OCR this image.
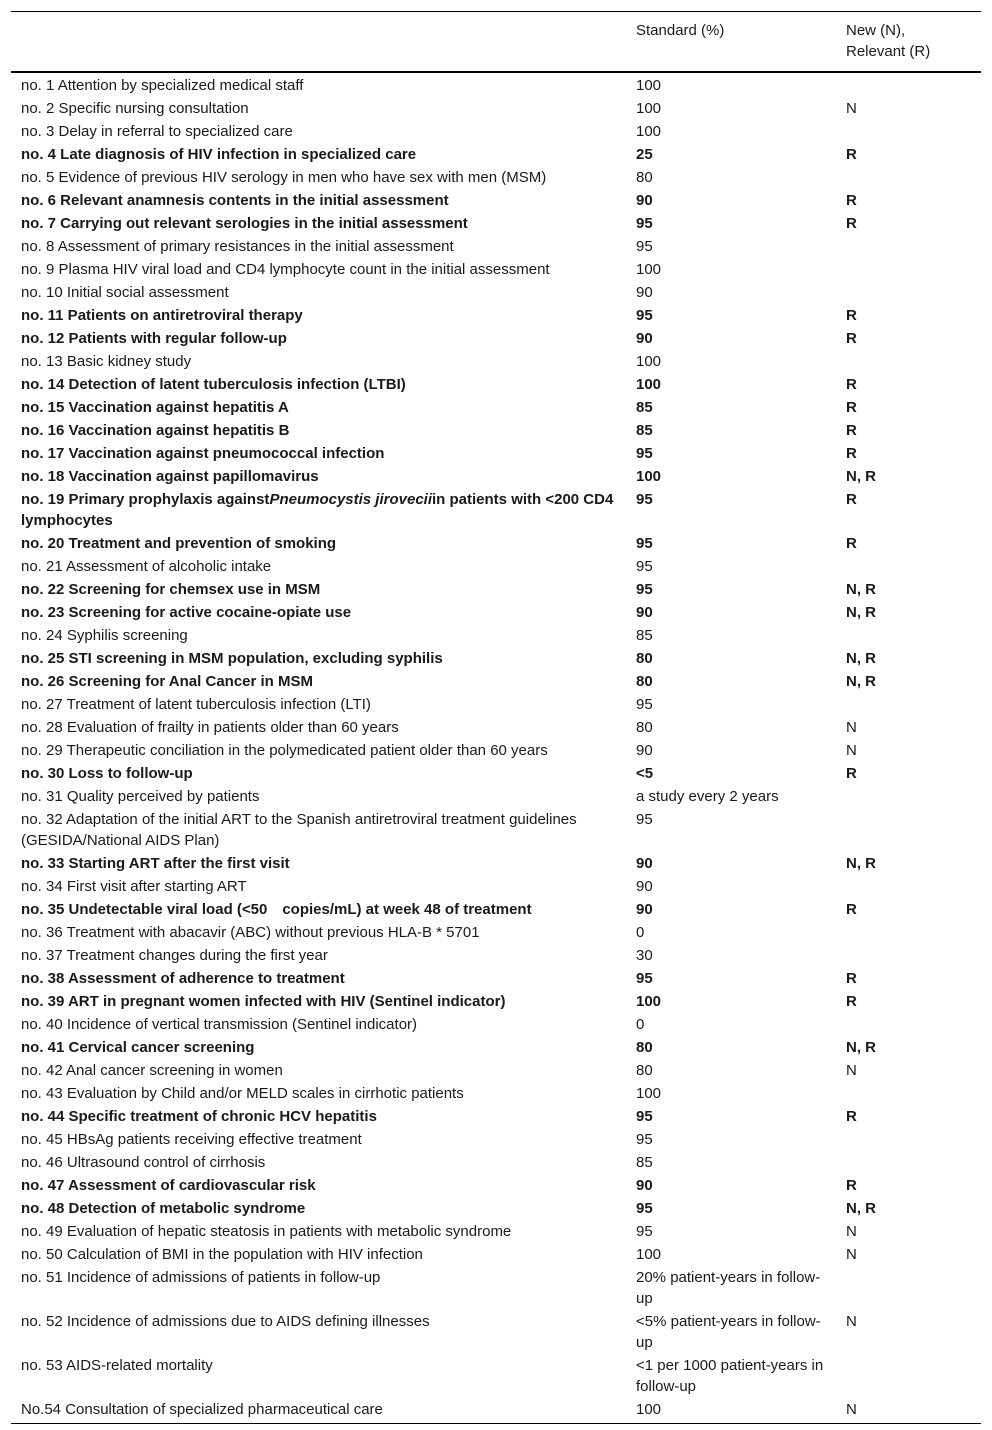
	Standard (%)	New (N),
Relevant (R)

no. 1 Attention by specialized medical staff	100	
no. 2 Specific nursing consultation	100	N
no. 3 Delay in referral to specialized care	100	
no. 4 Late diagnosis of HIV infection in specialized care	25	R
no. 5 Evidence of previous HIV serology in men who have sex with men (MSM)	80	
no. 6 Relevant anamnesis contents in the initial assessment	90	R
no. 7 Carrying out relevant serologies in the initial assessment	95	R
no. 8 Assessment of primary resistances in the initial assessment	95	
no. 9 Plasma HIV viral load and CD4 lymphocyte count in the initial assessment	100	
no. 10 Initial social assessment	90	
no. 11 Patients on antiretroviral therapy	95	R
no. 12 Patients with regular follow-up	90	R
no. 13 Basic kidney study	100	
no. 14 Detection of latent tuberculosis infection (LTBI)	100	R
no. 15 Vaccination against hepatitis A	85	R
no. 16 Vaccination against hepatitis B	85	R
no. 17 Vaccination against pneumococcal infection	95	R
no. 18 Vaccination against papillomavirus	100	N, R
no. 19 Primary prophylaxis againstPneumocystis jiroveciiin patients with <200 CD4 lymphocytes	95	R
no. 20 Treatment and prevention of smoking	95	R
no. 21 Assessment of alcoholic intake	95	
no. 22 Screening for chemsex use in MSM	95	N, R
no. 23 Screening for active cocaine-opiate use	90	N, R
no. 24 Syphilis screening	85	
no. 25 STI screening in MSM population, excluding syphilis	80	N, R
no. 26 Screening for Anal Cancer in MSM	80	N, R
no. 27 Treatment of latent tuberculosis infection (LTI)	95	
no. 28 Evaluation of frailty in patients older than 60 years	80	N
no. 29 Therapeutic conciliation in the polymedicated patient older than 60 years	90	N
no. 30 Loss to follow-up	<5	R
no. 31 Quality perceived by patients	a study every 2 years	
no. 32 Adaptation of the initial ART to the Spanish antiretroviral treatment guidelines (GESIDA/National AIDS Plan)	95	
no. 33 Starting ART after the first visit	90	N, R
no. 34 First visit after starting ART	90	
no. 35 Undetectable viral load (<50  copies/mL) at week 48 of treatment	90	R
no. 36 Treatment with abacavir (ABC) without previous HLA-B * 5701	0	
no. 37 Treatment changes during the first year	30	
no. 38 Assessment of adherence to treatment	95	R
no. 39 ART in pregnant women infected with HIV (Sentinel indicator)	100	R
no. 40 Incidence of vertical transmission (Sentinel indicator)	0	
no. 41 Cervical cancer screening	80	N, R
no. 42 Anal cancer screening in women	80	N
no. 43 Evaluation by Child and/or MELD scales in cirrhotic patients	100	
no. 44 Specific treatment of chronic HCV hepatitis	95	R
no. 45 HBsAg patients receiving effective treatment	95	
no. 46 Ultrasound control of cirrhosis	85	
no. 47 Assessment of cardiovascular risk	90	R
no. 48 Detection of metabolic syndrome	95	N, R
no. 49 Evaluation of hepatic steatosis in patients with metabolic syndrome	95	N
no. 50 Calculation of BMI in the population with HIV infection	100	N
no. 51 Incidence of admissions of patients in follow-up	20% patient-years in follow-up	
no. 52 Incidence of admissions due to AIDS defining illnesses	<5% patient-years in follow-up	N
no. 53 AIDS-related mortality	<1 per 1000 patient-years in follow-up	
No.54 Consultation of specialized pharmaceutical care	100	N
